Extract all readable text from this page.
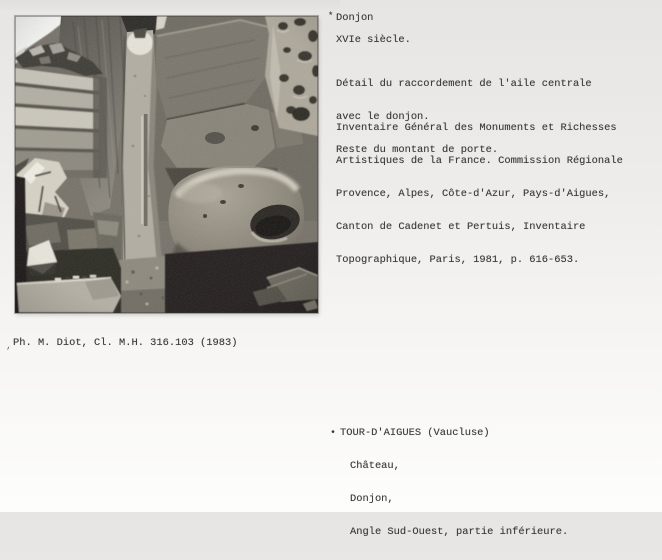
* Donjon
XVIe siècle.

Détail du raccordement de l'aile centrale

avec le donjon.

Reste du montant de porte.

Inventaire Général des Monuments et Richesses

Artistiques de la France. Commission Régionale

Provence, Alpes, Côte-d'Azur, Pays-d'Aigues,

Canton de Cadenet et Pertuis, Inventaire

Topographique, Paris, 1981, p. 616-653.

, Ph. M. Diot, Cl. M.H. 316.103 (1983)
• TOUR-D'AIGUES (Vaucluse)

Château,

Donjon,

Angle Sud-Ouest, partie inférieure.
